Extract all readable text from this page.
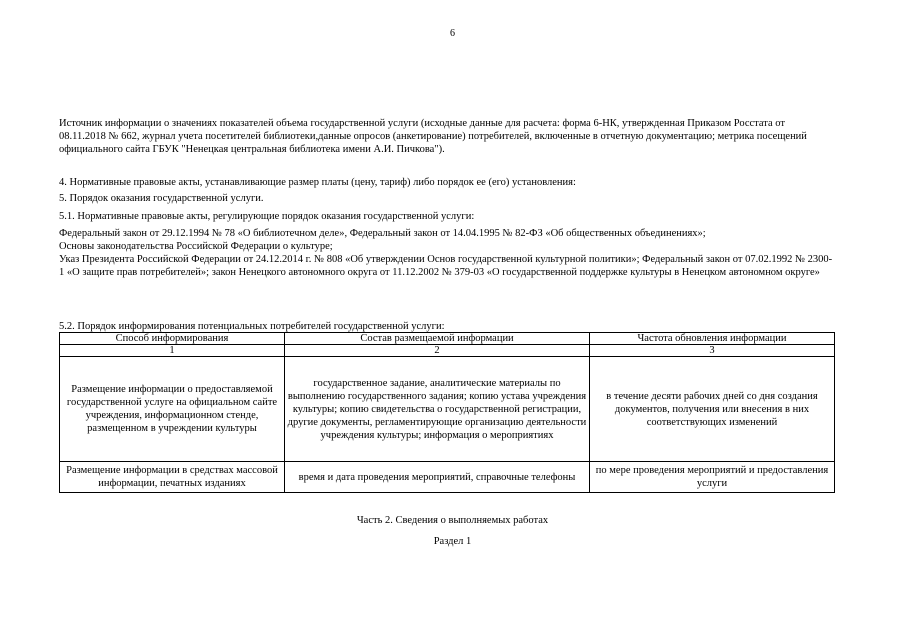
6

Источник информации о значениях показателей объема государственной услуги (исходные данные для расчета: форма 6-НК, утвержденная Приказом Росстата от 08.11.2018 № 662, журнал учета посетителей библиотеки,данные опросов (анкетирование) потребителей, включенные в отчетную документацию; метрика посещений официального сайта ГБУК "Ненецкая центральная библиотека имени А.И. Пичкова").

4. Нормативные правовые акты, устанавливающие размер платы (цену, тариф) либо порядок ее (его) установления:

5. Порядок оказания государственной услуги.

5.1. Нормативные правовые акты, регулирующие порядок оказания государственной услуги:

Федеральный закон от 29.12.1994 № 78 «О библиотечном деле», Федеральный закон от 14.04.1995 № 82-ФЗ «Об общественных объединениях»;

Основы законодательства Российской Федерации о культуре;

Указ Президента Российской Федерации от 24.12.2014 г. № 808 «Об утверждении Основ государственной культурной политики»; Федеральный закон от 07.02.1992 № 2300-1 «О защите прав потребителей»; закон Ненецкого автономного округа от 11.12.2002 № 379-03 «О государственной поддержке культуры в Ненецком автономном округе»

5.2. Порядок информирования потенциальных потребителей государственной услуги:

Способ информирования	Состав размещаемой информации	Частота обновления информации
1	2	3
Размещение информации о предоставляемой государственной услуге на официальном сайте учреждения, информационном стенде, размещенном в учреждении культуры	государственное задание, аналитические материалы по выполнению государственного задания; копию устава учреждения культуры; копию свидетельства о государственной регистрации, другие документы, регламентирующие организацию деятельности учреждения культуры; информация о мероприятиях	в течение десяти рабочих дней со дня создания документов, получения или внесения в них соответствующих изменений
Размещение информации в средствах массовой информации, печатных изданиях	время и дата проведения мероприятий, справочные телефоны	по мере проведения мероприятий и предоставления услуги
Часть 2. Сведения о выполняемых работах
Раздел 1
